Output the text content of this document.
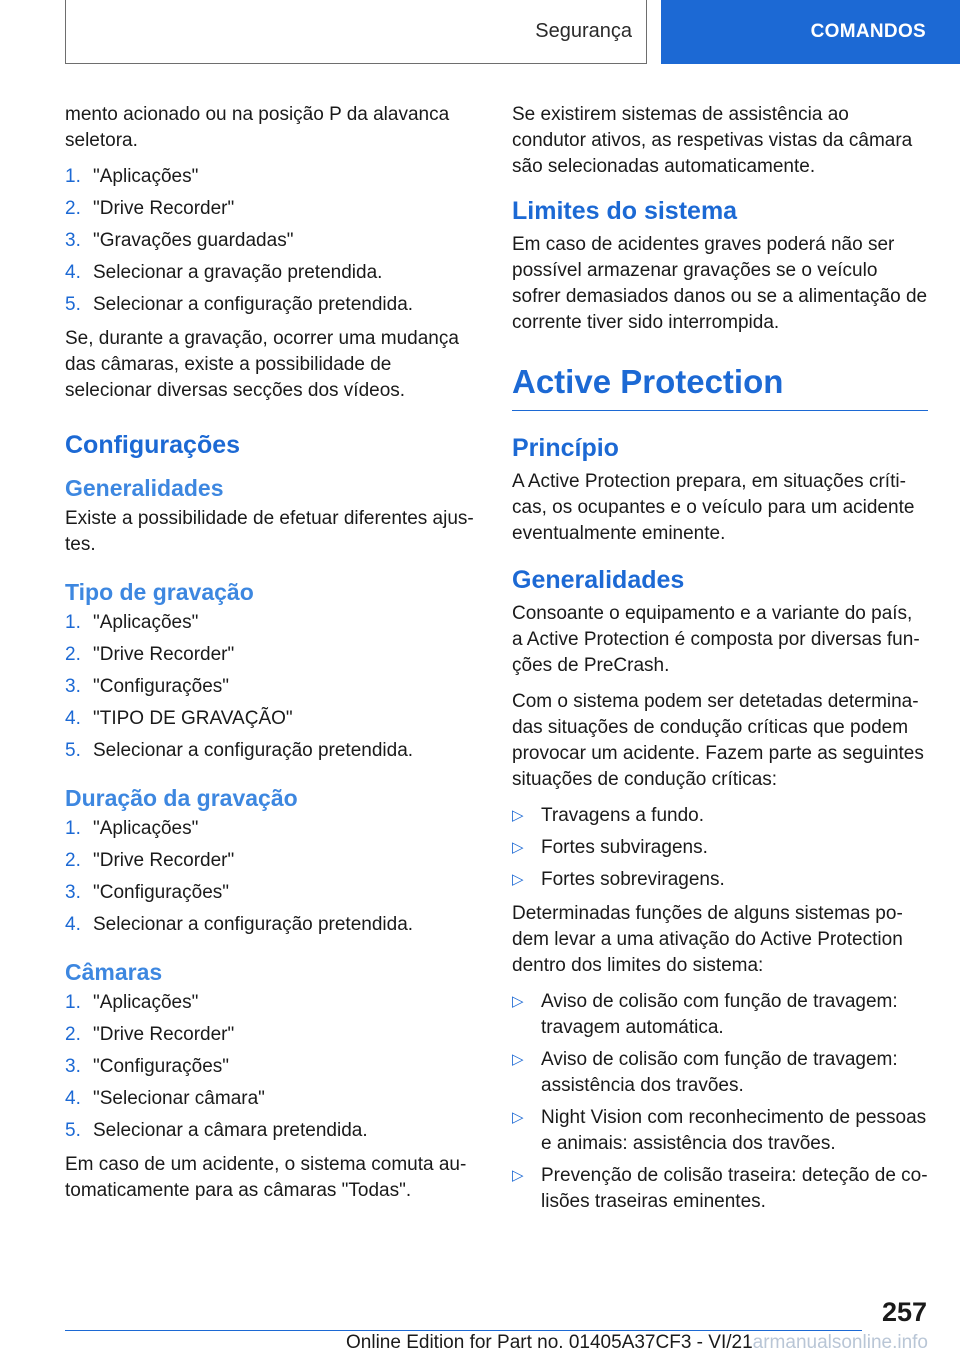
Segurança	COMANDOS

mento acionado ou na posição P da alavanca seletora.

1. "Aplicações"
2. "Drive Recorder"
3. "Gravações guardadas"
4. Selecionar a gravação pretendida.
5. Selecionar a configuração pretendida.

Se, durante a gravação, ocorrer uma mudança das câmaras, existe a possibilidade de selecionar diversas secções dos vídeos.

Configurações
Generalidades

Existe a possibilidade de efetuar diferentes ajustes.

Tipo de gravação
1. "Aplicações"
2. "Drive Recorder"
3. "Configurações"
4. "TIPO DE GRAVAÇÃO"
5. Selecionar a configuração pretendida.
Duração da gravação
1. "Aplicações"
2. "Drive Recorder"
3. "Configurações"
4. Selecionar a configuração pretendida.
Câmaras
1. "Aplicações"
2. "Drive Recorder"
3. "Configurações"
4. "Selecionar câmara"
5. Selecionar a câmara pretendida.

Em caso de um acidente, o sistema comuta automaticamente para as câmaras "Todas".

Se existirem sistemas de assistência ao condutor ativos, as respetivas vistas da câmara são selecionadas automaticamente.

Limites do sistema

Em caso de acidentes graves poderá não ser possível armazenar gravações se o veículo sofrer demasiados danos ou se a alimentação de corrente tiver sido interrompida.

Active Protection
Princípio

A Active Protection prepara, em situações críticas, os ocupantes e o veículo para um acidente eventualmente eminente.

Generalidades

Consoante o equipamento e a variante do país, a Active Protection é composta por diversas funções de PreCrash.

Com o sistema podem ser detetadas determinadas situações de condução críticas que podem provocar um acidente. Fazem parte as seguintes situações de condução críticas:

▷ Travagens a fundo.
▷ Fortes subviragens.
▷ Fortes sobreviragens.

Determinadas funções de alguns sistemas podem levar a uma ativação do Active Protection dentro dos limites do sistema:

▷ Aviso de colisão com função de travagem: travagem automática.
▷ Aviso de colisão com função de travagem: assistência dos travões.
▷ Night Vision com reconhecimento de pessoas e animais: assistência dos travões.
▷ Prevenção de colisão traseira: deteção de colisões traseiras eminentes.
257
Online Edition for Part no. 01405A37CF3 - VI/21armanualsonline.info
